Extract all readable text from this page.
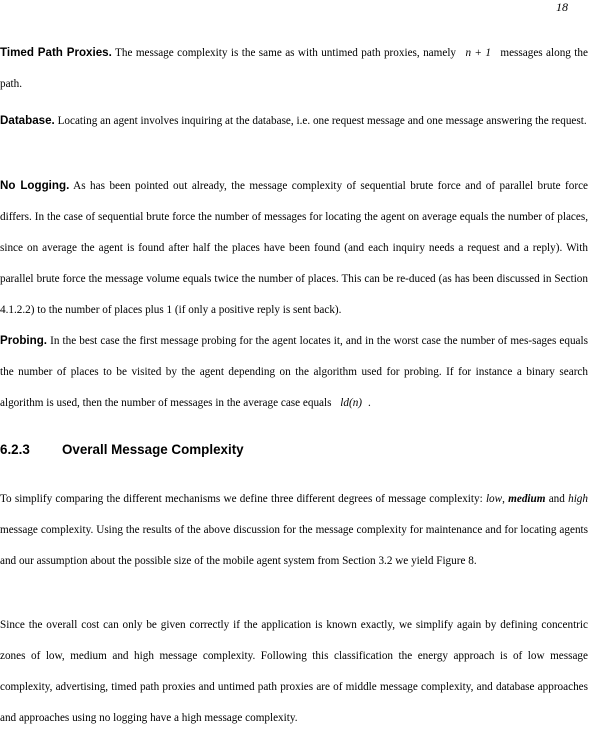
18

Timed Path Proxies. The message complexity is the same as with untimed path proxies, namely n + 1 messages along the path.

Database. Locating an agent involves inquiring at the database, i.e. one request message and one message answering the request.

No Logging. As has been pointed out already, the message complexity of sequential brute force and of parallel brute force differs. In the case of sequential brute force the number of messages for locating the agent on average equals the number of places, since on average the agent is found after half the places have been found (and each inquiry needs a request and a reply). With parallel brute force the message volume equals twice the number of places. This can be re-duced (as has been discussed in Section 4.1.2.2) to the number of places plus 1 (if only a positive reply is sent back).

Probing. In the best case the first message probing for the agent locates it, and in the worst case the number of mes-sages equals the number of places to be visited by the agent depending on the algorithm used for probing. If for instance a binary search algorithm is used, then the number of messages in the average case equals ld(n) .

6.2.3 Overall Message Complexity

To simplify comparing the different mechanisms we define three different degrees of message complexity: low, medium and high message complexity. Using the results of the above discussion for the message complexity for maintenance and for locating agents and our assumption about the possible size of the mobile agent system from Section 3.2 we yield Figure 8.

Since the overall cost can only be given correctly if the application is known exactly, we simplify again by defining concentric zones of low, medium and high message complexity. Following this classification the energy approach is of low message complexity, advertising, timed path proxies and untimed path proxies are of middle message complexity, and database approaches and approaches using no logging have a high message complexity.
